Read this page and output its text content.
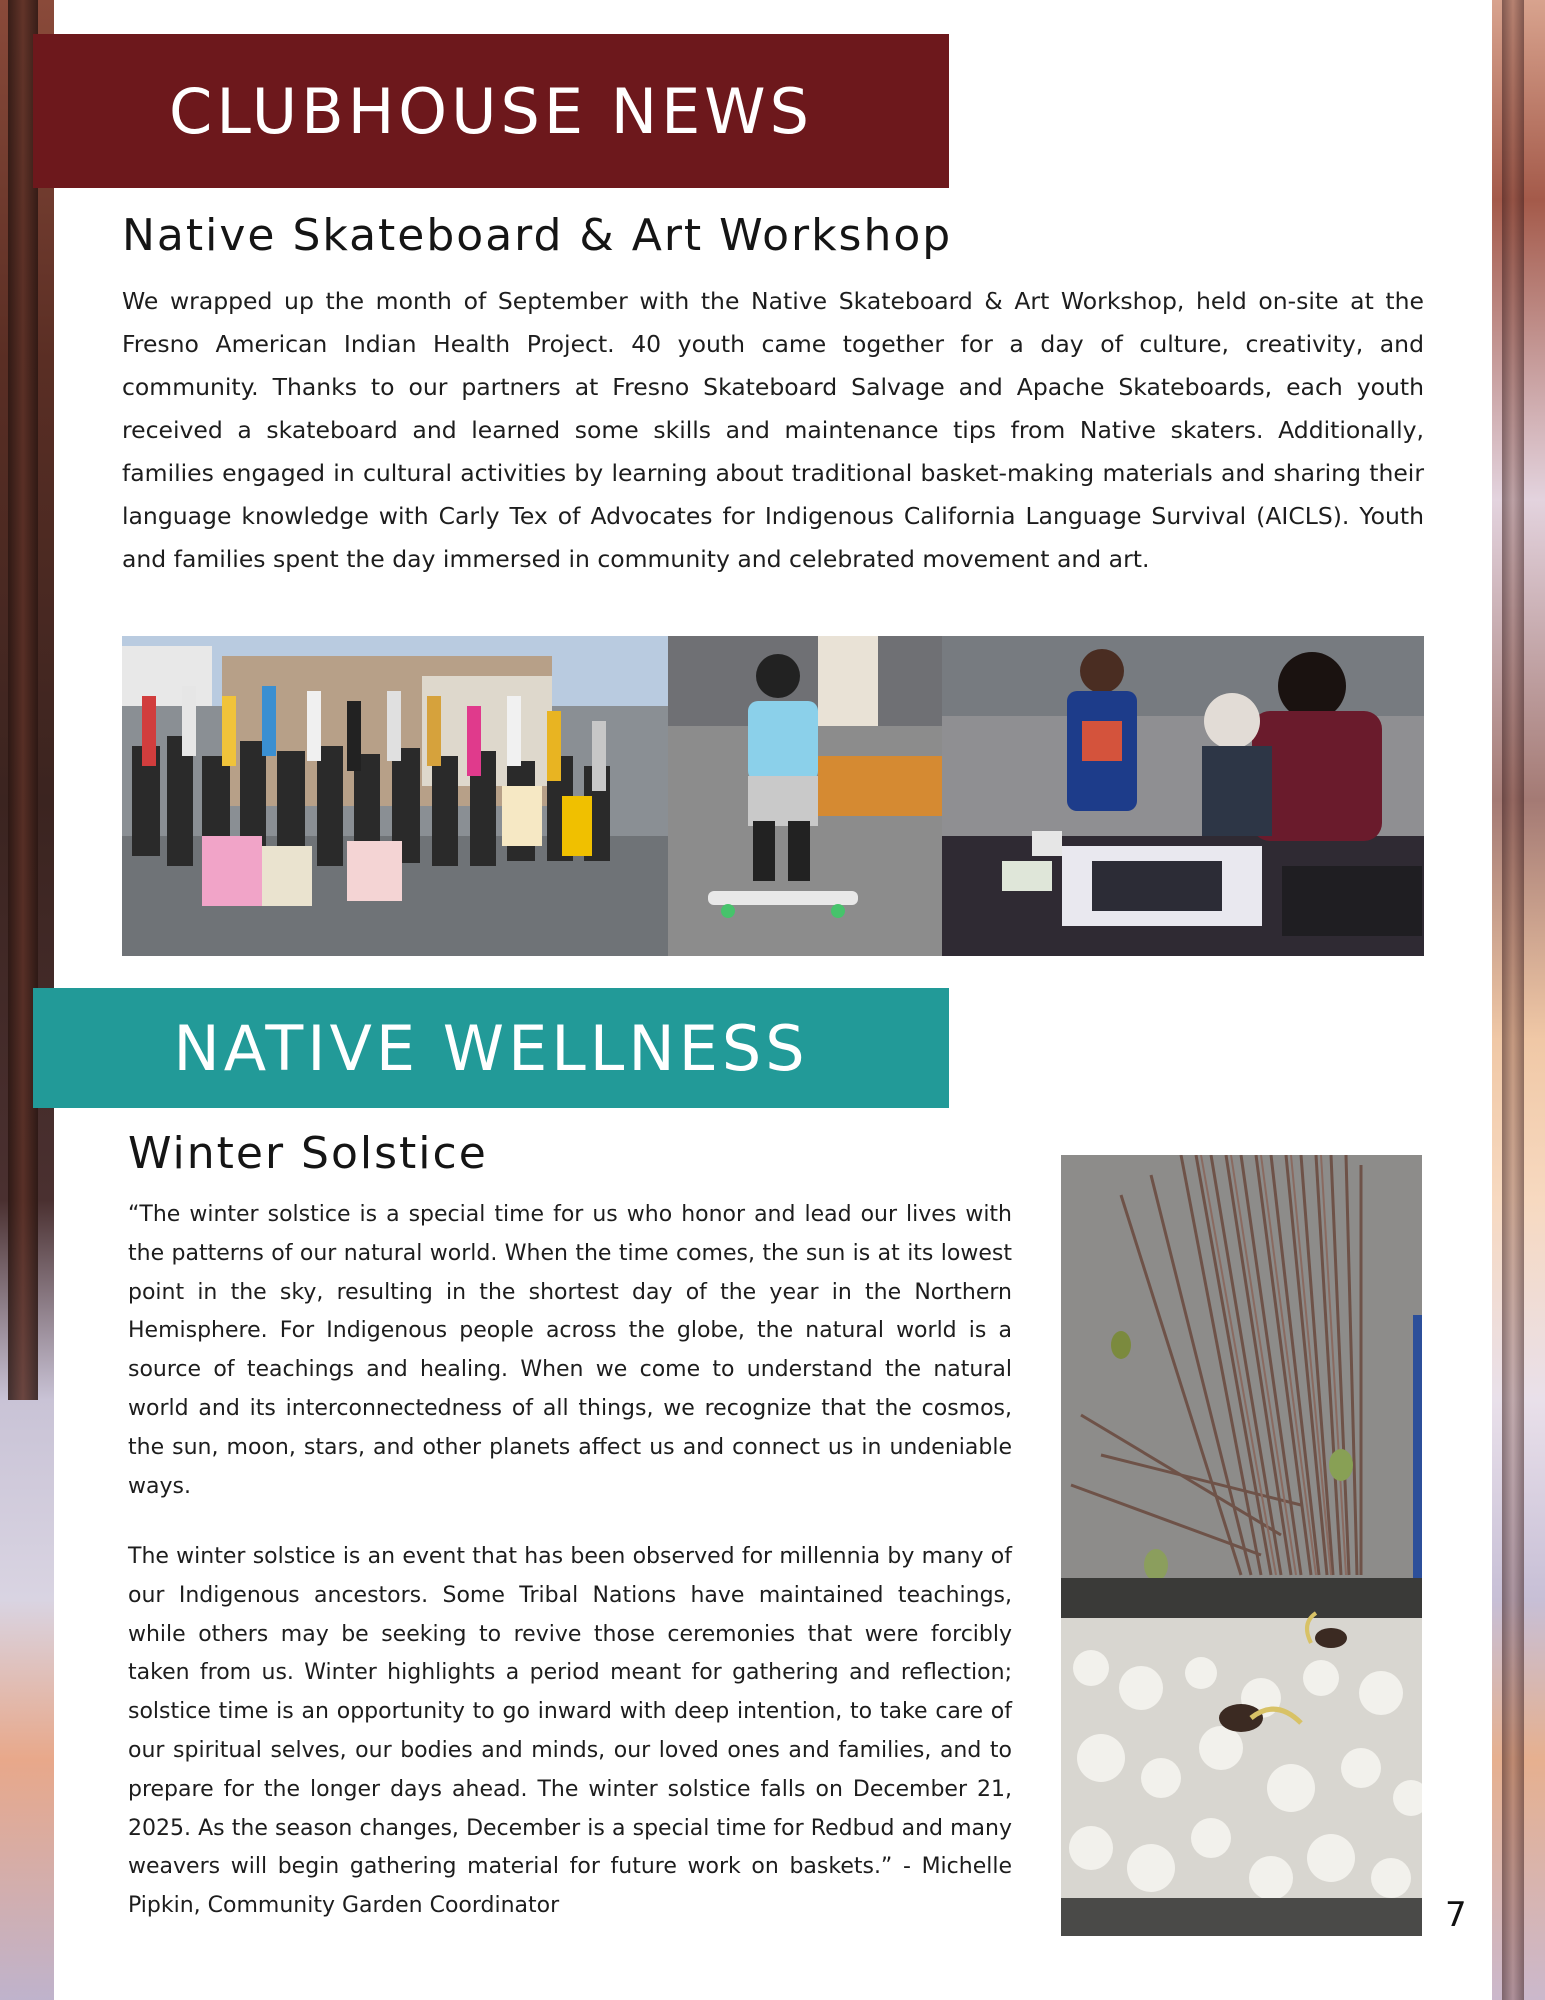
CLUBHOUSE NEWS
Native Skateboard & Art Workshop

We wrapped up the month of September with the Native Skateboard & Art Workshop, held on-site at the Fresno American Indian Health Project. 40 youth came together for a day of culture, creativity, and community. Thanks to our partners at Fresno Skateboard Salvage and Apache Skateboards, each youth received a skateboard and learned some skills and maintenance tips from Native skaters. Additionally, families engaged in cultural activities by learning about traditional basket-making materials and sharing their language knowledge with Carly Tex of Advocates for Indigenous California Language Survival (AICLS). Youth and families spent the day immersed in community and celebrated movement and art.

NATIVE WELLNESS
Winter Solstice

“The winter solstice is a special time for us who honor and lead our lives with the patterns of our natural world. When the time comes, the sun is at its lowest point in the sky, resulting in the shortest day of the year in the Northern Hemisphere. For Indigenous people across the globe, the natural world is a source of teachings and healing. When we come to understand the natural world and its interconnectedness of all things, we recognize that the cosmos, the sun, moon, stars, and other planets affect us and connect us in undeniable ways.

The winter solstice is an event that has been observed for millennia by many of our Indigenous ancestors. Some Tribal Nations have maintained teachings, while others may be seeking to revive those ceremonies that were forcibly taken from us. Winter highlights a period meant for gathering and reflection; solstice time is an opportunity to go inward with deep intention, to take care of our spiritual selves, our bodies and minds, our loved ones and families, and to prepare for the longer days ahead. The winter solstice falls on December 21, 2025. As the season changes, December is a special time for Redbud and many weavers will begin gathering material for future work on baskets.” - Michelle Pipkin, Community Garden Coordinator	7
